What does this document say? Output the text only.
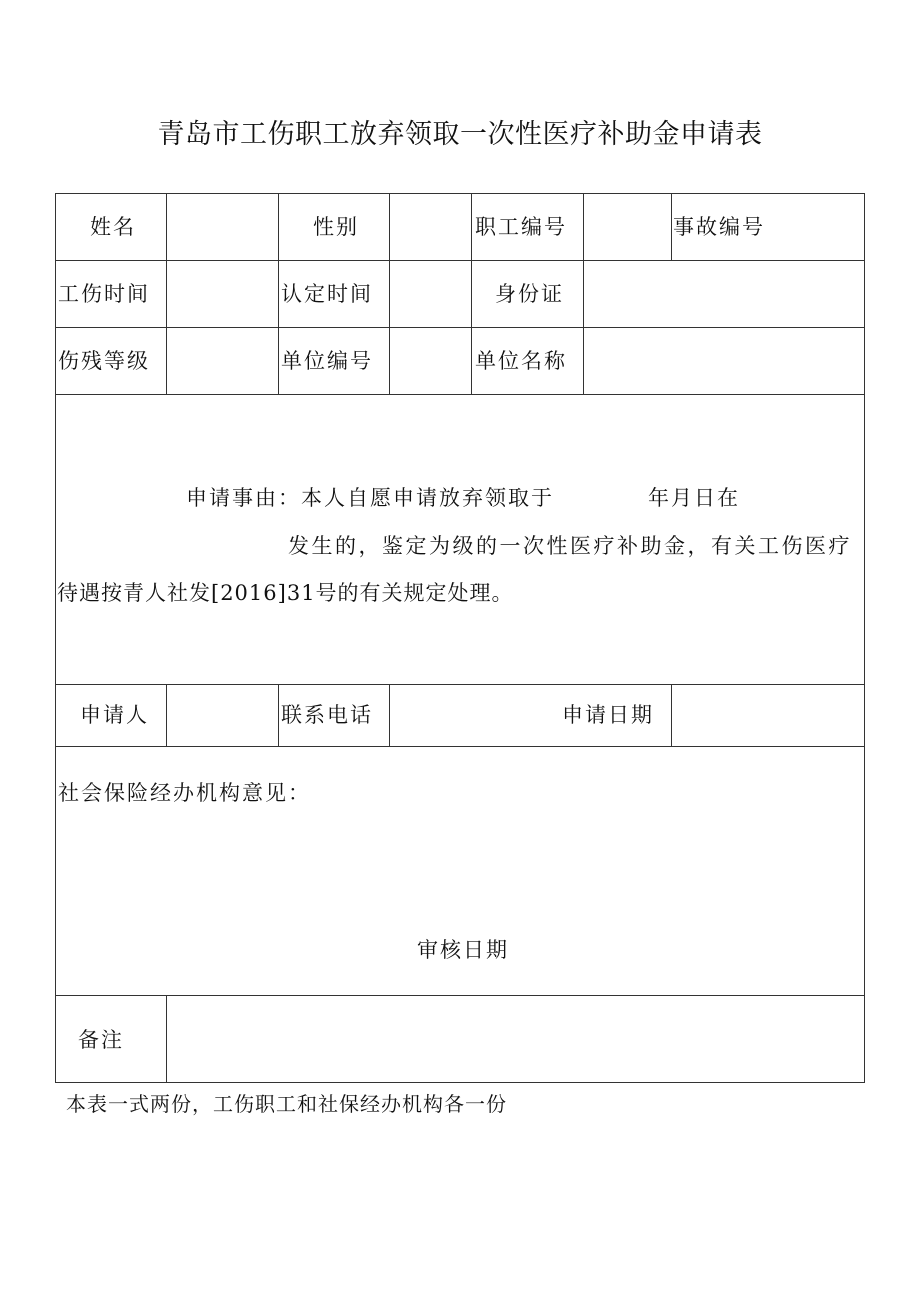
青岛市工伤职工放弃领取一次性医疗补助金申请表
姓名	性别	职工编号	事故编号
工伤时间	认定时间	身份证
伤残等级	单位编号	单位名称
申请事由：本人自愿申请放弃领取于	年月日在
发生的，鉴定为级的一次性医疗补助金，有关工伤医疗
待遇按青人社发[2016]31号的有关规定处理。
申请人	联系电话	申请日期
社会保险经办机构意见：
审核日期
备注
本表一式两份，工伤职工和社保经办机构各一份
